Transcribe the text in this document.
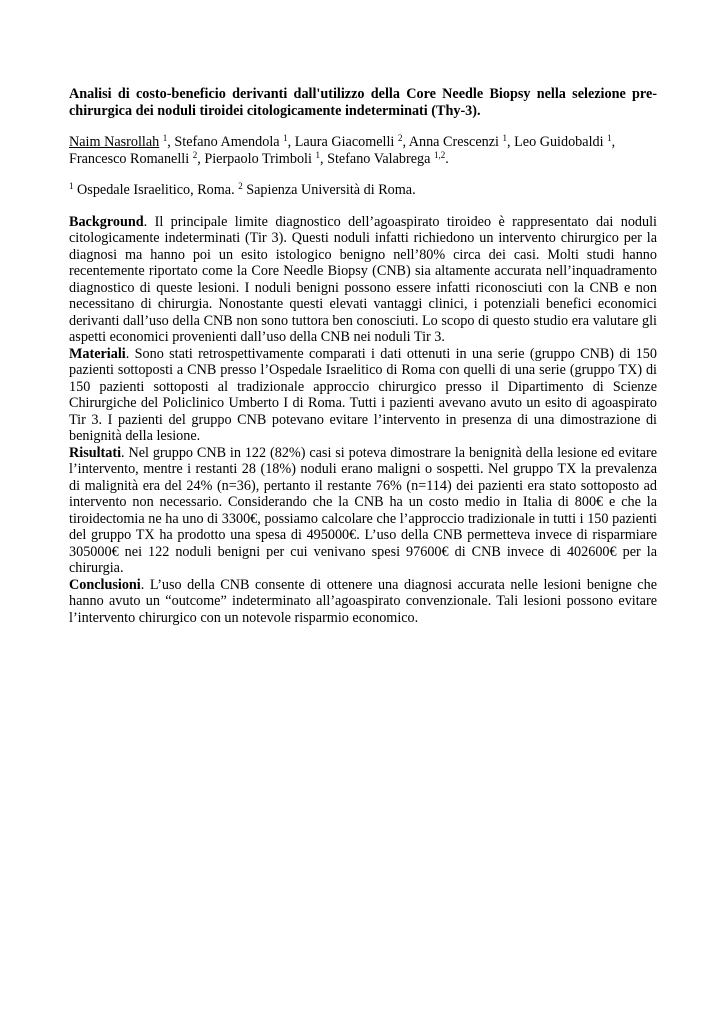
Analisi di costo-beneficio derivanti dall'utilizzo della Core Needle Biopsy nella selezione pre-chirurgica dei noduli tiroidei citologicamente indeterminati (Thy-3).

Naim Nasrollah $^1$, Stefano Amendola $^1$, Laura Giacomelli $^2$, Anna Crescenzi $^1$, Leo Guidobaldi $^1$,
Francesco Romanelli $^2$, Pierpaolo Trimboli $^1$, Stefano Valabrega $^{1,2}$.

$^1$ Ospedale Israelitico, Roma. $^2$ Sapienza Università di Roma.

Background. Il principale limite diagnostico dell’agoaspirato tiroideo è rappresentato dai noduli citologicamente indeterminati (Tir 3). Questi noduli infatti richiedono un intervento chirurgico per la diagnosi ma hanno poi un esito istologico benigno nell’80% circa dei casi. Molti studi hanno recentemente riportato come la Core Needle Biopsy (CNB) sia altamente accurata nell’inquadramento diagnostico di queste lesioni. I noduli benigni possono essere infatti riconosciuti con la CNB e non necessitano di chirurgia. Nonostante questi elevati vantaggi clinici, i potenziali benefici economici derivanti dall’uso della CNB non sono tuttora ben conosciuti. Lo scopo di questo studio era valutare gli aspetti economici provenienti dall’uso della CNB nei noduli Tir 3.

Materiali. Sono stati retrospettivamente comparati i dati ottenuti in una serie (gruppo CNB) di 150 pazienti sottoposti a CNB presso l’Ospedale Israelitico di Roma con quelli di una serie (gruppo TX) di 150 pazienti sottoposti al tradizionale approccio chirurgico presso il Dipartimento di Scienze Chirurgiche del Policlinico Umberto I di Roma. Tutti i pazienti avevano avuto un esito di agoaspirato Tir 3. I pazienti del gruppo CNB potevano evitare l’intervento in presenza di una dimostrazione di benignità della lesione.

Risultati. Nel gruppo CNB in 122 (82%) casi si poteva dimostrare la benignità della lesione ed evitare l’intervento, mentre i restanti 28 (18%) noduli erano maligni o sospetti. Nel gruppo TX la prevalenza di malignità era del 24% (n=36), pertanto il restante 76% (n=114) dei pazienti era stato sottoposto ad intervento non necessario. Considerando che la CNB ha un costo medio in Italia di 800€ e che la tiroidectomia ne ha uno di 3300€, possiamo calcolare che l’approccio tradizionale in tutti i 150 pazienti del gruppo TX ha prodotto una spesa di 495000€. L’uso della CNB permetteva invece di risparmiare 305000€ nei 122 noduli benigni per cui venivano spesi 97600€ di CNB invece di 402600€ per la chirurgia.

Conclusioni. L’uso della CNB consente di ottenere una diagnosi accurata nelle lesioni benigne che hanno avuto un “outcome” indeterminato all’agoaspirato convenzionale. Tali lesioni possono evitare l’intervento chirurgico con un notevole risparmio economico.
